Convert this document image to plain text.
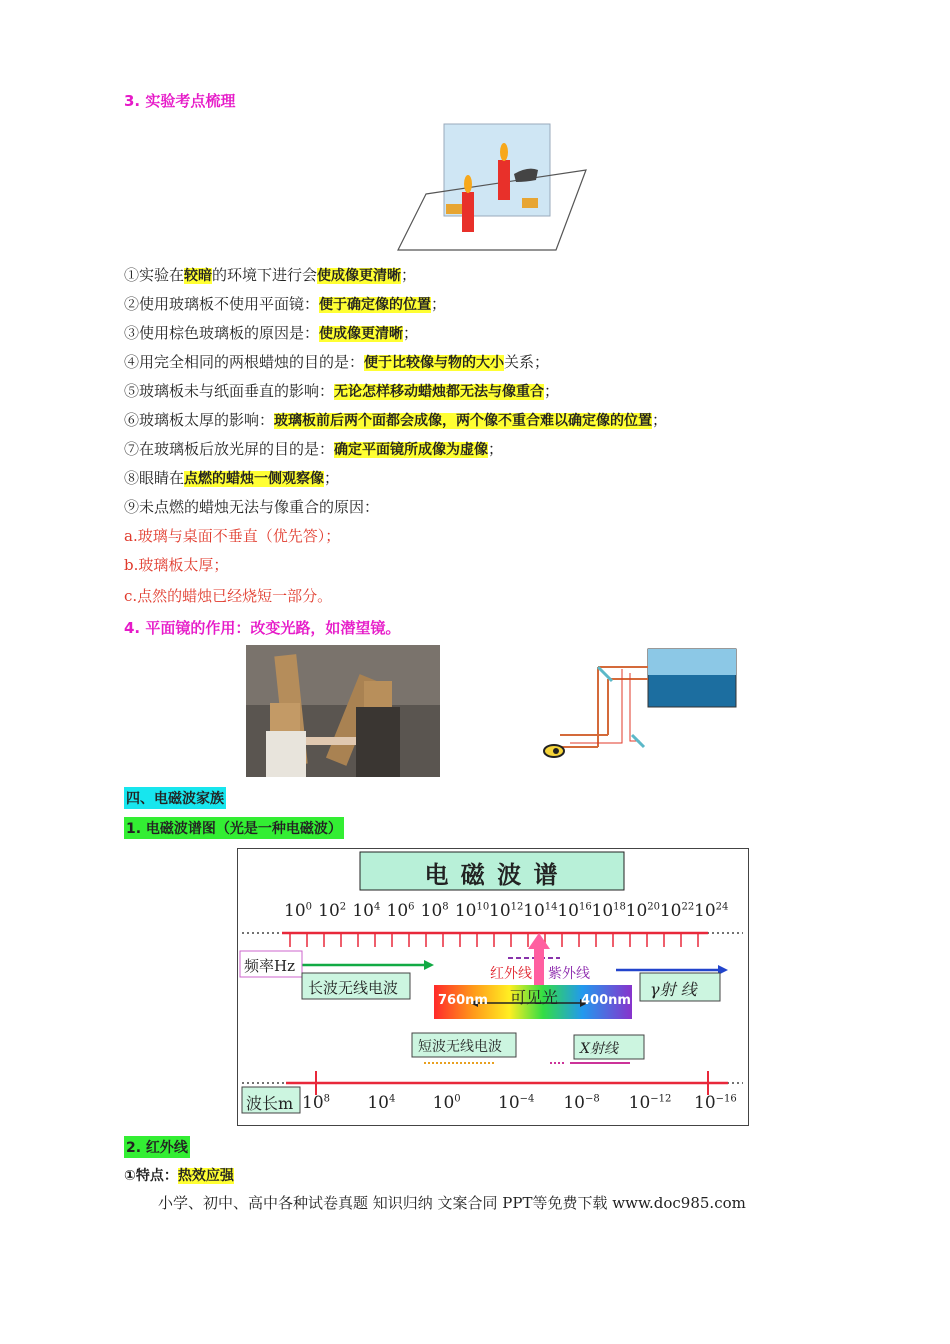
3. 实验考点梳理
①实验在较暗的环境下进行会使成像更清晰；
②使用玻璃板不使用平面镜：便于确定像的位置；
③使用棕色玻璃板的原因是：使成像更清晰；
④用完全相同的两根蜡烛的目的是：便于比较像与物的大小关系；
⑤玻璃板未与纸面垂直的影响：无论怎样移动蜡烛都无法与像重合；
⑥玻璃板太厚的影响：玻璃板前后两个面都会成像，两个像不重合难以确定像的位置；
⑦在玻璃板后放光屏的目的是：确定平面镜所成像为虚像；
⑧眼睛在点燃的蜡烛一侧观察像；
⑨未点燃的蜡烛无法与像重合的原因：
a.玻璃与桌面不垂直（优先答）；
b.玻璃板太厚；
c.点然的蜡烛已经烧短一部分。
4. 平面镜的作用：改变光路，如潜望镜。
四、电磁波家族
1. 电磁波谱图（光是一种电磁波）
电 磁 波 谱
$10^0$ $10^2$ $10^4$ $10^6$ $10^8$ $10^{10}$ $10^{12}$ $10^{14}$ $10^{16}$ $10^{18}$ $10^{20}$ $10^{22}$ $10^{24}$
频率Hz
长波无线电波
红外线 紫外线
760nm 可见光 400nm
γ射 线
短波无线电波	X射线
波长m $10^8$ $10^4$ $10^0$ $10^{-4}$ $10^{-8}$ $10^{-12}$ $10^{-16}$
2. 红外线
①特点：热效应强
小学、初中、高中各种试卷真题 知识归纳 文案合同 PPT等免费下载 www.doc985.com
